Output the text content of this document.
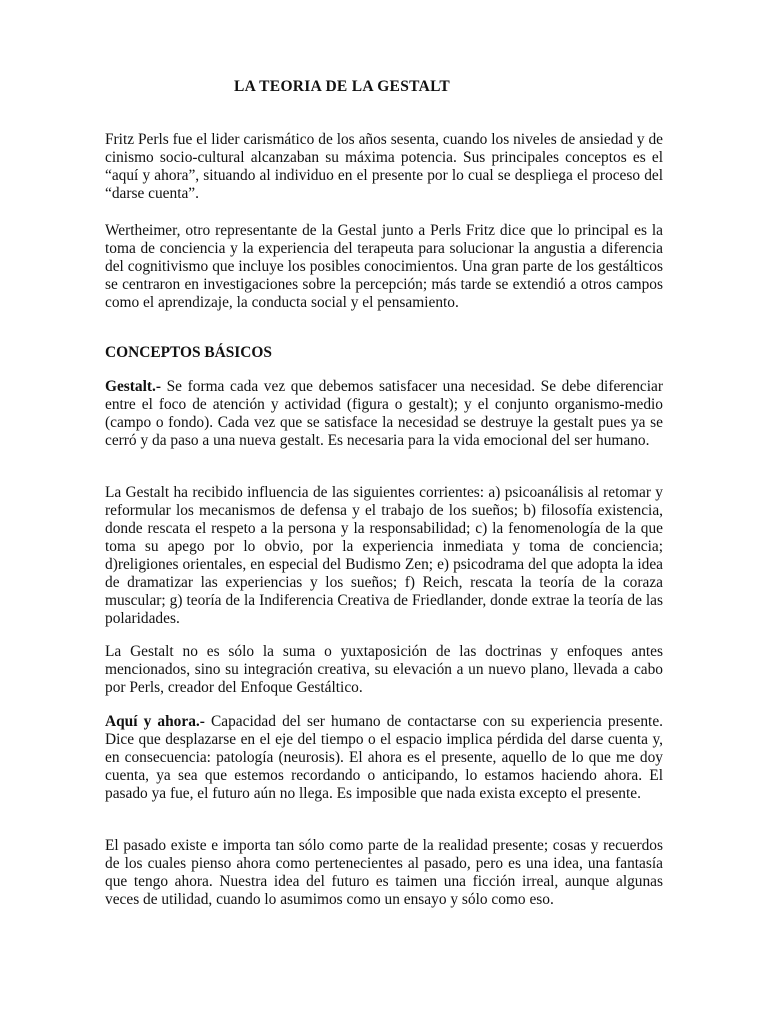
LA TEORIA DE LA GESTALT

Fritz Perls fue el lider carismático de los años sesenta, cuando los niveles de ansiedad y de cinismo socio-cultural alcanzaban su máxima potencia. Sus principales conceptos es el “aquí y ahora”, situando al individuo en el presente por lo cual se despliega el proceso del “darse cuenta”.

Wertheimer, otro representante de la Gestal junto a Perls Fritz dice que lo principal es la toma de conciencia y la experiencia del terapeuta para solucionar la angustia a diferencia del cognitivismo que incluye los posibles conocimientos. Una gran parte de los gestálticos se centraron en investigaciones sobre la percepción; más tarde se extendió a otros campos como el aprendizaje, la conducta social y el pensamiento.

CONCEPTOS BÁSICOS

Gestalt.- Se forma cada vez que debemos satisfacer una necesidad. Se debe diferenciar entre el foco de atención y actividad (figura o gestalt); y el conjunto organismo-medio (campo o fondo). Cada vez que se satisface la necesidad se destruye la gestalt pues ya se cerró y da paso a una nueva gestalt. Es necesaria para la vida emocional del ser humano.

La Gestalt ha recibido influencia de las siguientes corrientes: a) psicoanálisis al retomar y reformular los mecanismos de defensa y el trabajo de los sueños; b) filosofía existencia, donde rescata el respeto a la persona y la responsabilidad; c) la fenomenología de la que toma su apego por lo obvio, por la experiencia inmediata y toma de conciencia; d)religiones orientales, en especial del Budismo Zen; e) psicodrama del que adopta la idea de dramatizar las experiencias y los sueños; f) Reich, rescata la teoría de la coraza muscular; g) teoría de la Indiferencia Creativa de Friedlander, donde extrae la teoría de las polaridades.

La Gestalt no es sólo la suma o yuxtaposición de las doctrinas y enfoques antes mencionados, sino su integración creativa, su elevación a un nuevo plano, llevada a cabo por Perls, creador del Enfoque Gestáltico.

Aquí y ahora.- Capacidad del ser humano de contactarse con su experiencia presente. Dice que desplazarse en el eje del tiempo o el espacio implica pérdida del darse cuenta y, en consecuencia: patología (neurosis). El ahora es el presente, aquello de lo que me doy cuenta, ya sea que estemos recordando o anticipando, lo estamos haciendo ahora. El pasado ya fue, el futuro aún no llega. Es imposible que nada exista excepto el presente.

El pasado existe e importa tan sólo como parte de la realidad presente; cosas y recuerdos de los cuales pienso ahora como pertenecientes al pasado, pero es una idea, una fantasía que tengo ahora. Nuestra idea del futuro es taimen una ficción irreal, aunque algunas veces de utilidad, cuando lo asumimos como un ensayo y sólo como eso.
